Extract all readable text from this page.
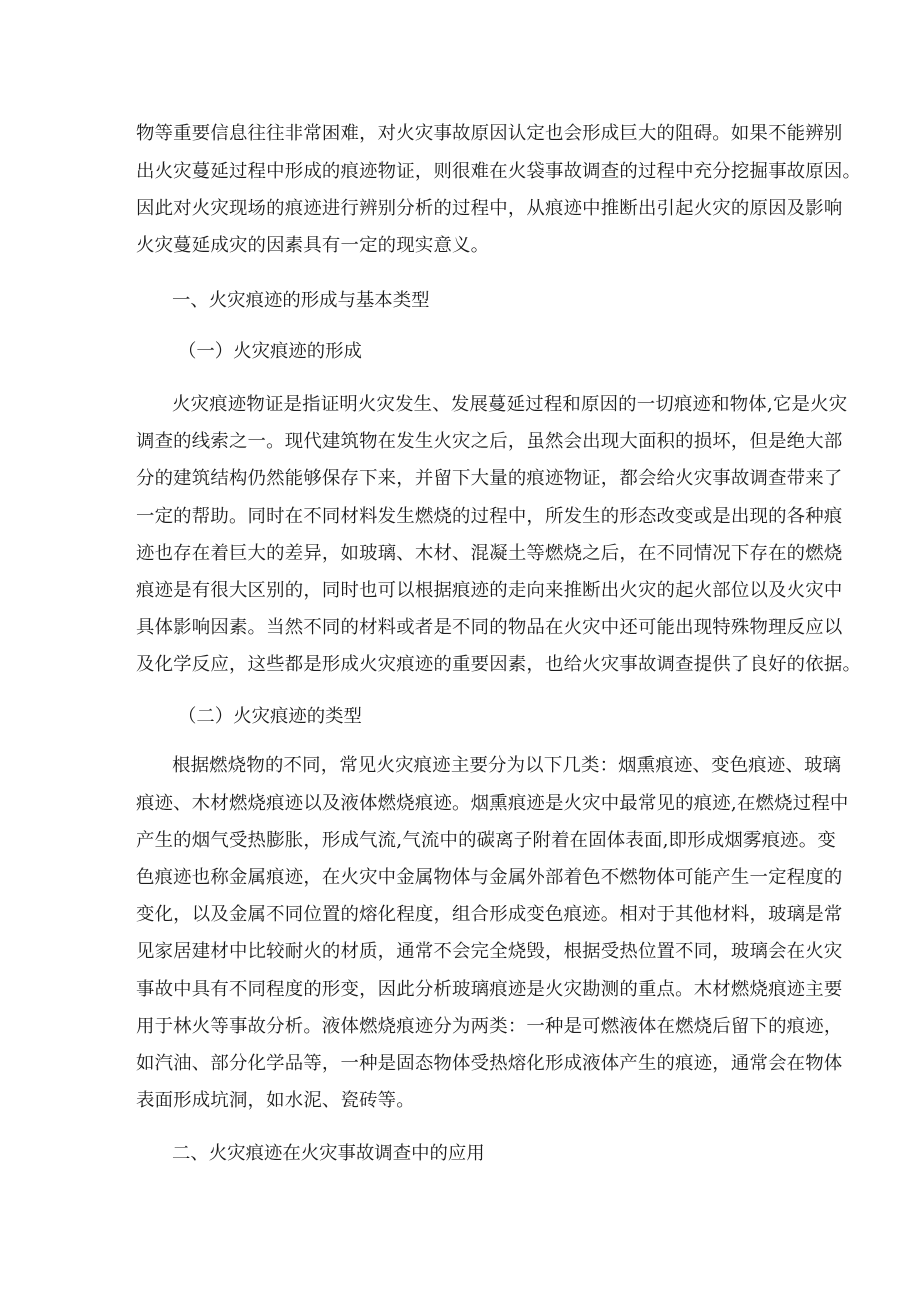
物等重要信息往往非常困难，对火灾事故原因认定也会形成巨大的阻碍。如果不能辨别
出火灾蔓延过程中形成的痕迹物证，则很难在火袋事故调查的过程中充分挖掘事故原因。
因此对火灾现场的痕迹进行辨别分析的过程中，从痕迹中推断出引起火灾的原因及影响
火灾蔓延成灾的因素具有一定的现实意义。
一、火灾痕迹的形成与基本类型
（一）火灾痕迹的形成
火灾痕迹物证是指证明火灾发生、发展蔓延过程和原因的一切痕迹和物体,它是火灾
调查的线索之一。现代建筑物在发生火灾之后，虽然会出现大面积的损坏，但是绝大部
分的建筑结构仍然能够保存下来，并留下大量的痕迹物证，都会给火灾事故调查带来了
一定的帮助。同时在不同材料发生燃烧的过程中，所发生的形态改变或是出现的各种痕
迹也存在着巨大的差异，如玻璃、木材、混凝土等燃烧之后，在不同情况下存在的燃烧
痕迹是有很大区别的，同时也可以根据痕迹的走向来推断出火灾的起火部位以及火灾中
具体影响因素。当然不同的材料或者是不同的物品在火灾中还可能出现特殊物理反应以
及化学反应，这些都是形成火灾痕迹的重要因素，也给火灾事故调查提供了良好的依据。
（二）火灾痕迹的类型
根据燃烧物的不同，常见火灾痕迹主要分为以下几类：烟熏痕迹、变色痕迹、玻璃
痕迹、木材燃烧痕迹以及液体燃烧痕迹。烟熏痕迹是火灾中最常见的痕迹,在燃烧过程中
产生的烟气受热膨胀，形成气流,气流中的碳离子附着在固体表面,即形成烟雾痕迹。变
色痕迹也称金属痕迹，在火灾中金属物体与金属外部着色不燃物体可能产生一定程度的
变化，以及金属不同位置的熔化程度，组合形成变色痕迹。相对于其他材料，玻璃是常
见家居建材中比较耐火的材质，通常不会完全烧毁，根据受热位置不同，玻璃会在火灾
事故中具有不同程度的形变，因此分析玻璃痕迹是火灾勘测的重点。木材燃烧痕迹主要
用于林火等事故分析。液体燃烧痕迹分为两类：一种是可燃液体在燃烧后留下的痕迹，
如汽油、部分化学品等，一种是固态物体受热熔化形成液体产生的痕迹，通常会在物体
表面形成坑洞，如水泥、瓷砖等。
二、火灾痕迹在火灾事故调查中的应用
